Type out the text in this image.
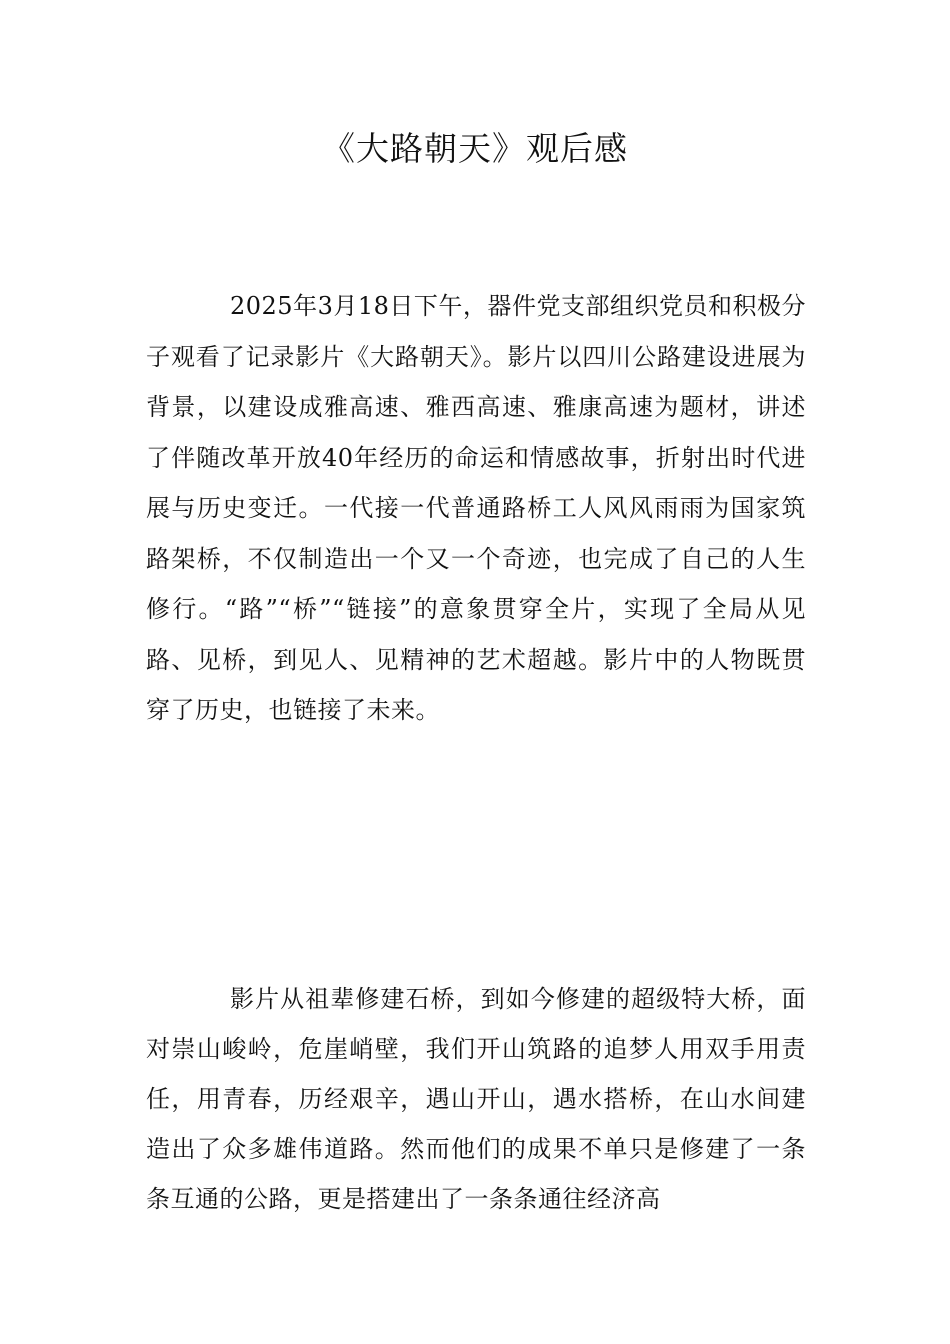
《大路朝天》观后感

2025年3月18日下午，器件党支部组织党员和积极分子观看了记录影片《大路朝天》。影片以四川公路建设进展为背景，以建设成雅高速、雅西高速、雅康高速为题材，讲述了伴随改革开放40年经历的命运和情感故事，折射出时代进展与历史变迁。一代接一代普通路桥工人风风雨雨为国家筑路架桥，不仅制造出一个又一个奇迹，也完成了自己的人生修行。“路”“桥”“链接”的意象贯穿全片，实现了全局从见路、见桥，到见人、见精神的艺术超越。影片中的人物既贯穿了历史，也链接了未来。

影片从祖辈修建石桥，到如今修建的超级特大桥，面对崇山峻岭，危崖峭壁，我们开山筑路的追梦人用双手用责任，用青春，历经艰辛，遇山开山，遇水搭桥，在山水间建造出了众多雄伟道路。然而他们的成果不单只是修建了一条条互通的公路，更是搭建出了一条条通往经济高
